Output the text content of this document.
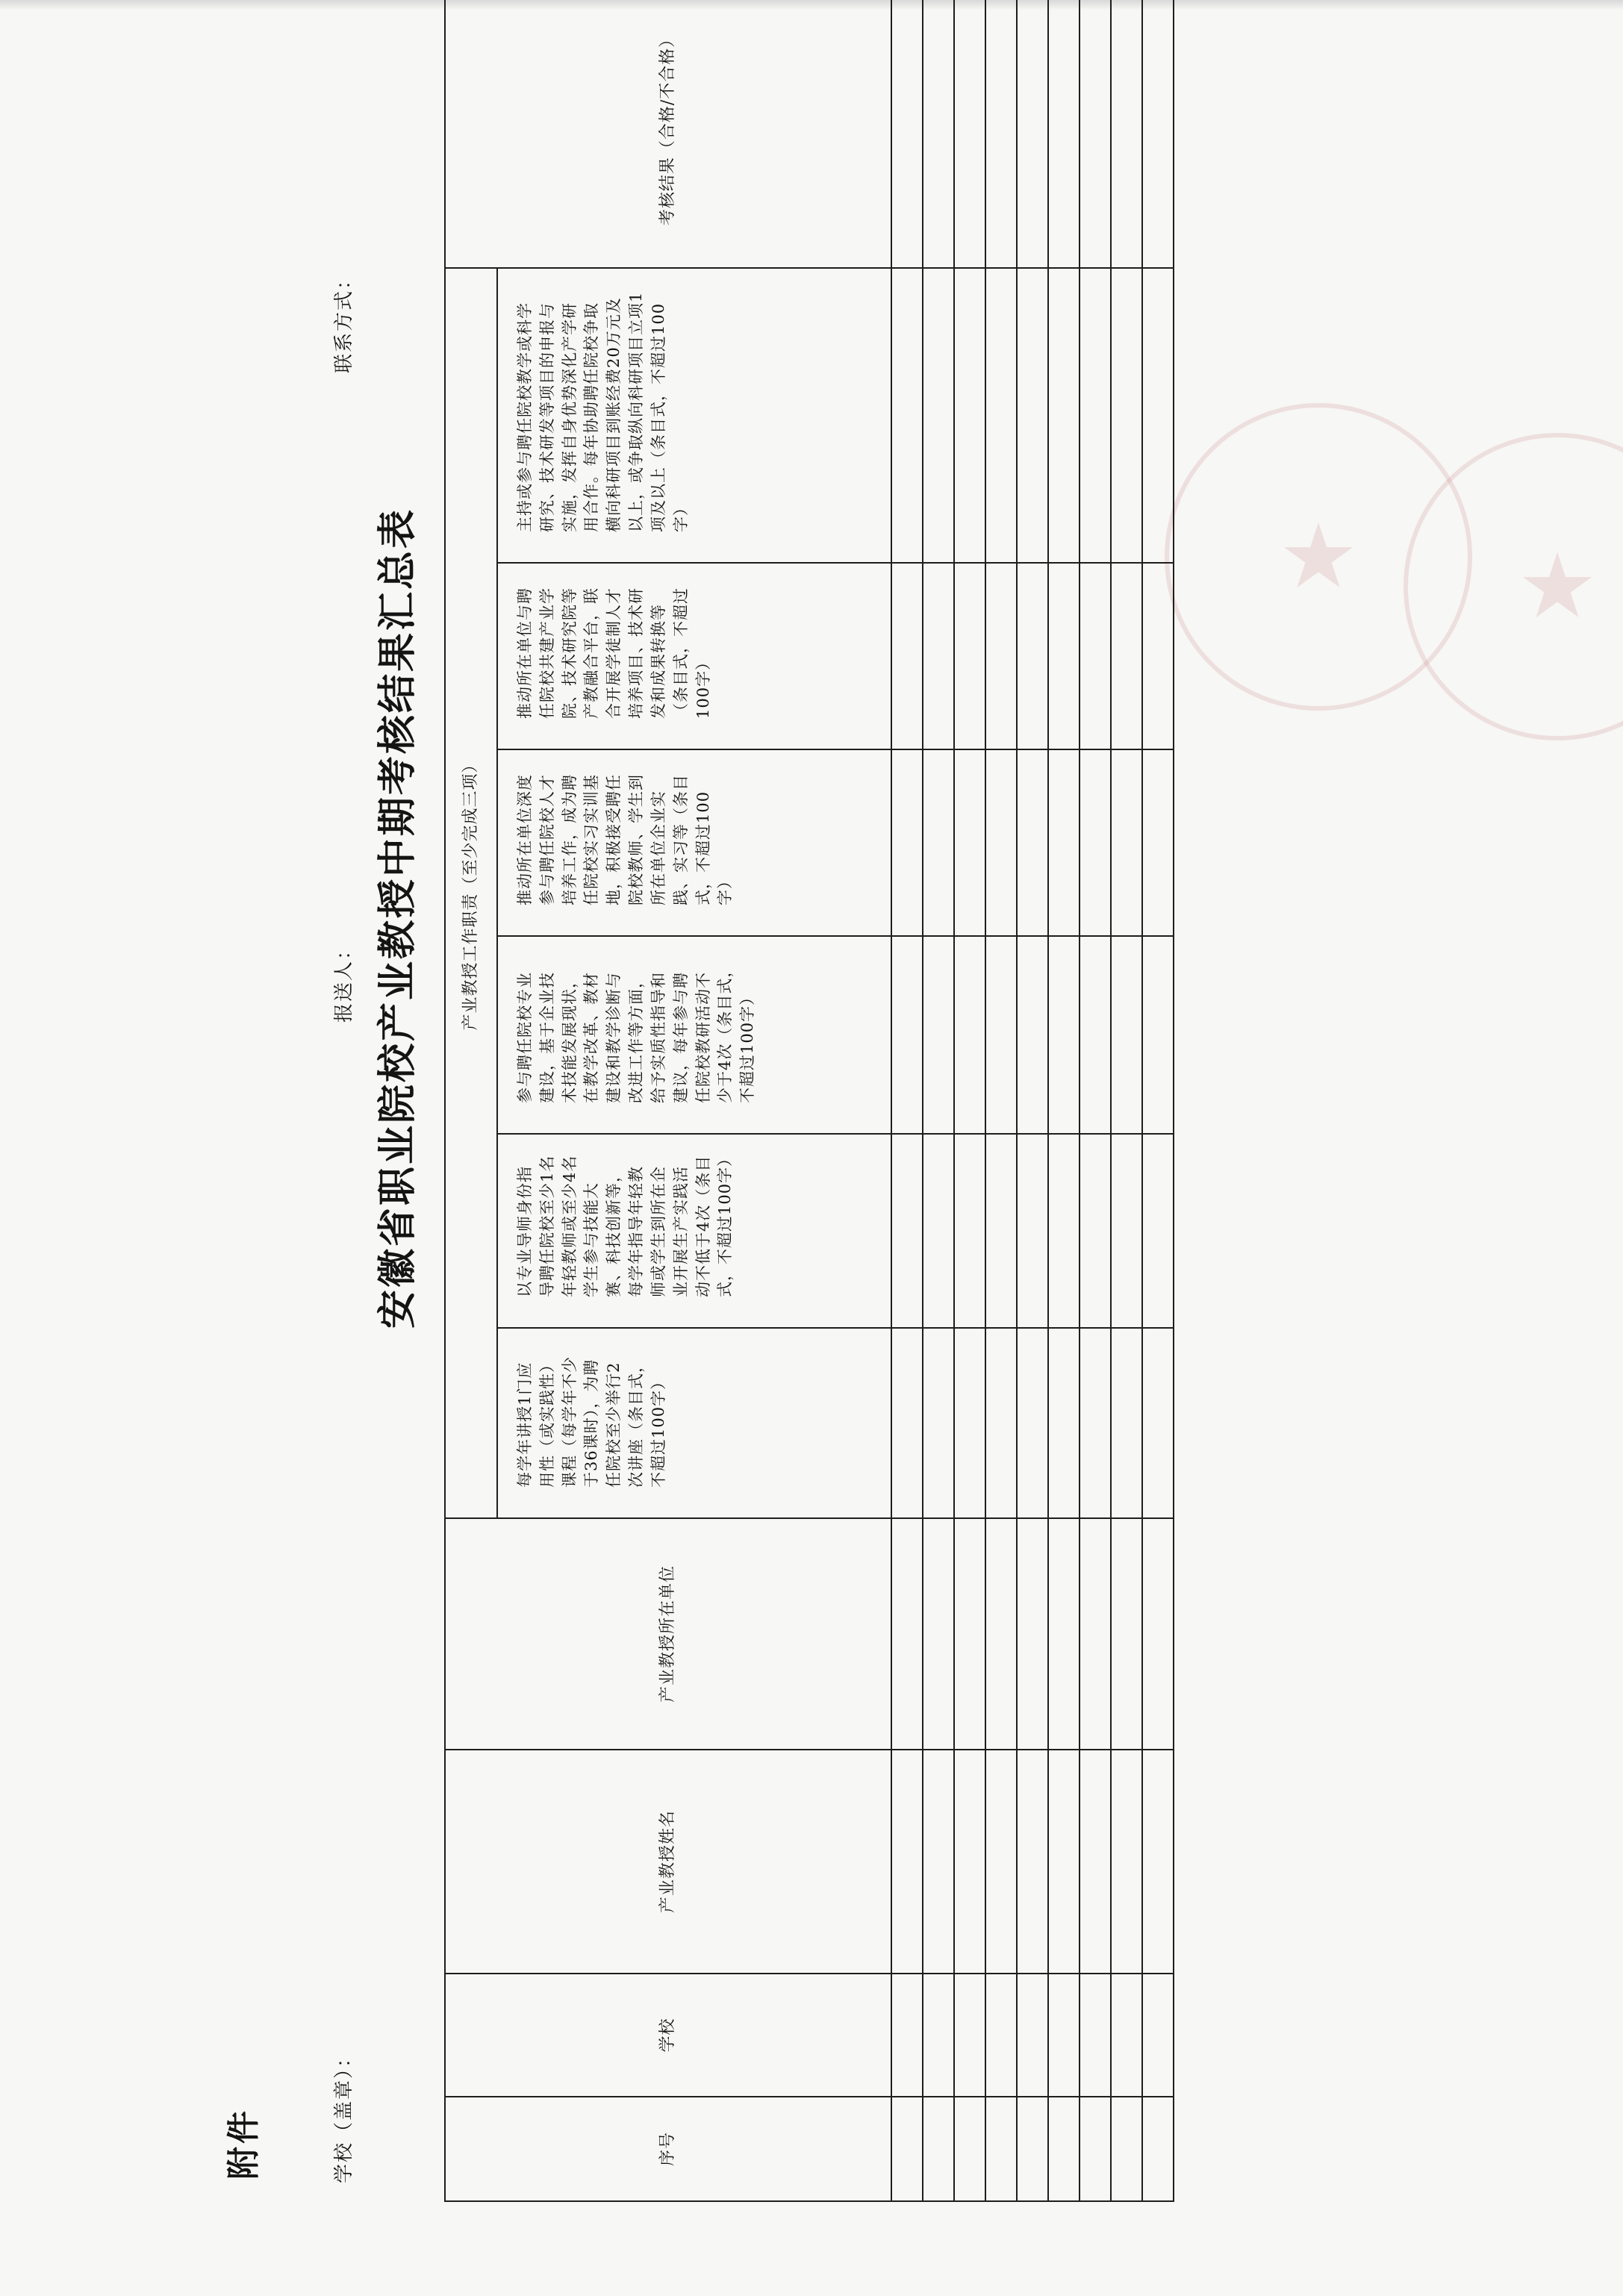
★ ★
附件	学校（盖章）：
报送人：
联系方式：
安徽省职业院校产业教授中期考核结果汇总表
序号	学校	产业教授姓名	产业教授所在单位	产业教授工作职责（至少完成三项）						考核结果（合格/不合格）	
				每学年讲授1门应用性（或实践性）课程（每学年不少于36课时），为聘任院校至少举行2次讲座（条目式，不超过100字）	以专业导师身份指导聘任院校至少1名年轻教师或至少4名学生参与技能大赛、科技创新等，每学年指导年轻教师或学生到所在企业开展生产实践活动不低于4次（条目式，不超过100字）	参与聘任院校专业建设，基于企业技术技能发展现状，在教学改革、教材建设和教学诊断与改进工作等方面，给予实质性指导和建议，每年参与聘任院校教研活动不少于4次（条目式，不超过100字）	推动所在单位深度参与聘任院校人才培养工作，成为聘任院校实习实训基地，积极接受聘任院校教师、学生到所在单位企业实践、实习等（条目式，不超过100字）	推动所在单位与聘任院校共建产业学院、技术研究院等产教融合平台，联合开展学徒制人才培养项目、技术研发和成果转换等（条目式，不超过100字）	主持或参与聘任院校教学或科学研究、技术研发等项目的申报与实施，发挥自身优势深化产学研用合作。每年协助聘任院校争取横向科研项目到账经费20万元及以上，或争取纵向科研项目立项1项及以上（条目式，不超过100字）		
